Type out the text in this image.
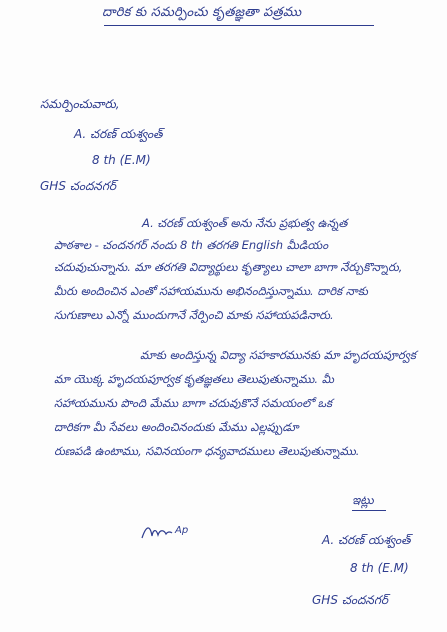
దారిక కు సమర్పించు కృతజ్ఞతా పత్రము
సమర్పించువారు,
A. చరణ్ యశ్వంత్
8 th (E.M)
GHS చందనగర్
A. చరణ్ యశ్వంత్ అను నేను ప్రభుత్వ ఉన్నత
పాఠశాల - చందనగర్ నందు 8 th తరగతి English మీడియం
చదువుచున్నాను. మా తరగతి విద్యార్థులు కృత్యాలు చాలా బాగా నేర్చుకొన్నారు,
మీరు అందించిన ఎంతో సహాయమును అభినందిస్తున్నాము. దారిక నాకు
సుగుణాలు ఎన్నో ముందుగానే నేర్పించి మాకు సహాయపడినారు.
మాకు అందిస్తున్న విద్యా సహకారమునకు మా హృదయపూర్వక
మా యొక్క హృదయపూర్వక కృతజ్ఞతలు తెలుపుతున్నాము. మీ
సహాయమును పొంది మేము బాగా చదువుకొనే సమయంలో ఒక
దారికగా మీ సేవలు అందించినందుకు మేము ఎల్లప్పుడూ
రుణపడి ఉంటాము, సవినయంగా ధన్యవాదములు తెలుపుతున్నాము.
ఇట్లు
Ap
A. చరణ్ యశ్వంత్
8 th (E.M)
GHS చందనగర్
